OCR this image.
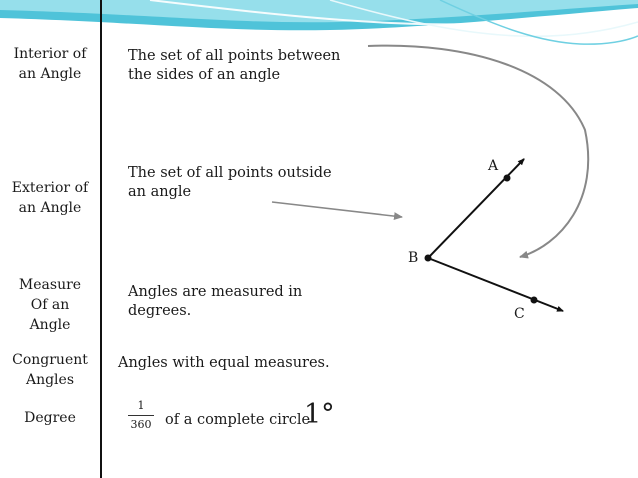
Interior of
an Angle
The set of all points between
the sides of an angle
Exterior of
an Angle
The set of all points outside
an angle
Measure
Of an
Angle
Angles are measured in
degrees.
Congruent
Angles
Angles with equal measures.
Degree	$\frac{1}{360}$ of a complete circle
1°
A
B
C
